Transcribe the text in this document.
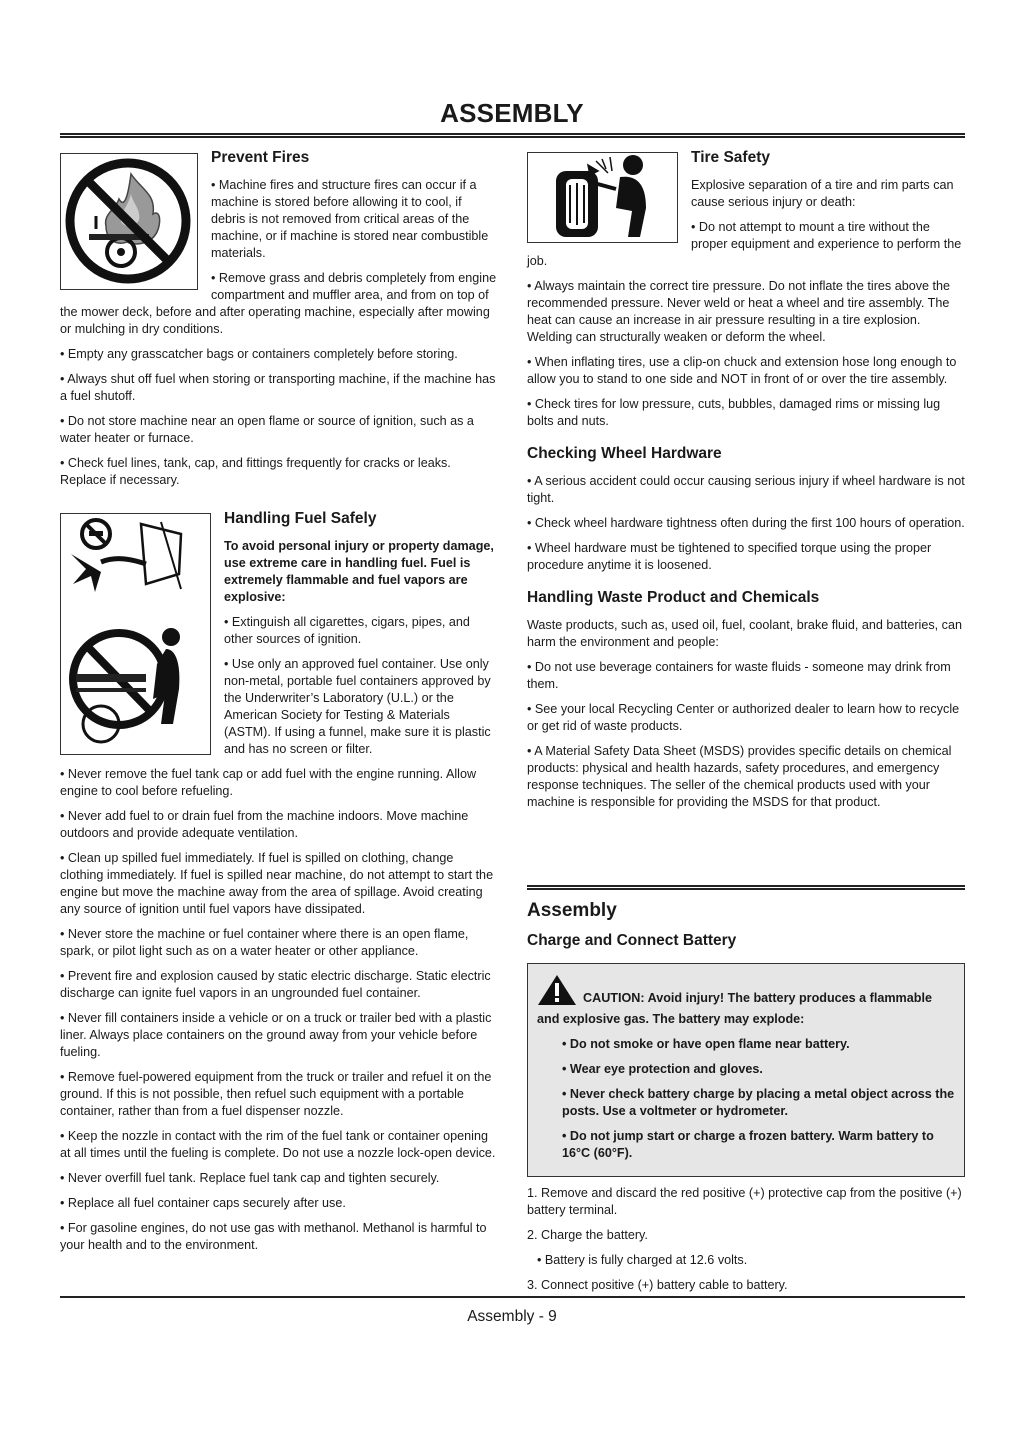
ASSEMBLY
Prevent Fires

• Machine fires and structure fires can occur if a machine is stored before allowing it to cool, if debris is not removed from critical areas of the machine, or if machine is stored near combustible materials.

• Remove grass and debris completely from engine compartment and muffler area, and from on top of the mower deck, before and after operating machine, especially after mowing or mulching in dry conditions.

• Empty any grasscatcher bags or containers completely before storing.

• Always shut off fuel when storing or transporting machine, if the machine has a fuel shutoff.

• Do not store machine near an open flame or source of ignition, such as a water heater or furnace.

• Check fuel lines, tank, cap, and fittings frequently for cracks or leaks. Replace if necessary.

Handling Fuel Safely

To avoid personal injury or property damage, use extreme care in handling fuel. Fuel is extremely flammable and fuel vapors are explosive:

• Extinguish all cigarettes, cigars, pipes, and other sources of ignition.

• Use only an approved fuel container. Use only non-metal, portable fuel containers approved by the Underwriter’s Laboratory (U.L.) or the American Society for Testing & Materials (ASTM). If using a funnel, make sure it is plastic and has no screen or filter.

• Never remove the fuel tank cap or add fuel with the engine running. Allow engine to cool before refueling.

• Never add fuel to or drain fuel from the machine indoors. Move machine outdoors and provide adequate ventilation.

• Clean up spilled fuel immediately. If fuel is spilled on clothing, change clothing immediately. If fuel is spilled near machine, do not attempt to start the engine but move the machine away from the area of spillage. Avoid creating any source of ignition until fuel vapors have dissipated.

• Never store the machine or fuel container where there is an open flame, spark, or pilot light such as on a water heater or other appliance.

• Prevent fire and explosion caused by static electric discharge. Static electric discharge can ignite fuel vapors in an ungrounded fuel container.

• Never fill containers inside a vehicle or on a truck or trailer bed with a plastic liner. Always place containers on the ground away from your vehicle before fueling.

• Remove fuel-powered equipment from the truck or trailer and refuel it on the ground. If this is not possible, then refuel such equipment with a portable container, rather than from a fuel dispenser nozzle.

• Keep the nozzle in contact with the rim of the fuel tank or container opening at all times until the fueling is complete. Do not use a nozzle lock-open device.

• Never overfill fuel tank. Replace fuel tank cap and tighten securely.

• Replace all fuel container caps securely after use.

• For gasoline engines, do not use gas with methanol. Methanol is harmful to your health and to the environment.

Tire Safety

Explosive separation of a tire and rim parts can cause serious injury or death:

• Do not attempt to mount a tire without the proper equipment and experience to perform the job.

• Always maintain the correct tire pressure. Do not inflate the tires above the recommended pressure. Never weld or heat a wheel and tire assembly. The heat can cause an increase in air pressure resulting in a tire explosion. Welding can structurally weaken or deform the wheel.

• When inflating tires, use a clip-on chuck and extension hose long enough to allow you to stand to one side and NOT in front of or over the tire assembly.

• Check tires for low pressure, cuts, bubbles, damaged rims or missing lug bolts and nuts.

Checking Wheel Hardware

• A serious accident could occur causing serious injury if wheel hardware is not tight.

• Check wheel hardware tightness often during the first 100 hours of operation.

• Wheel hardware must be tightened to specified torque using the proper procedure anytime it is loosened.

Handling Waste Product and Chemicals

Waste products, such as, used oil, fuel, coolant, brake fluid, and batteries, can harm the environment and people:

• Do not use beverage containers for waste fluids - someone may drink from them.

• See your local Recycling Center or authorized dealer to learn how to recycle or get rid of waste products.

• A Material Safety Data Sheet (MSDS) provides specific details on chemical products: physical and health hazards, safety procedures, and emergency response techniques. The seller of the chemical products used with your machine is responsible for providing the MSDS for that product.

Assembly
Charge and Connect Battery

CAUTION: Avoid injury! The battery produces a flammable and explosive gas. The battery may explode:

• Do not smoke or have open flame near battery.

• Wear eye protection and gloves.

• Never check battery charge by placing a metal object across the posts. Use a voltmeter or hydrometer.

• Do not jump start or charge a frozen battery. Warm battery to 16°C (60°F).

1. Remove and discard the red positive (+) protective cap from the positive (+) battery terminal.

2. Charge the battery.

• Battery is fully charged at 12.6 volts.

3. Connect positive (+) battery cable to battery.

Assembly - 9
